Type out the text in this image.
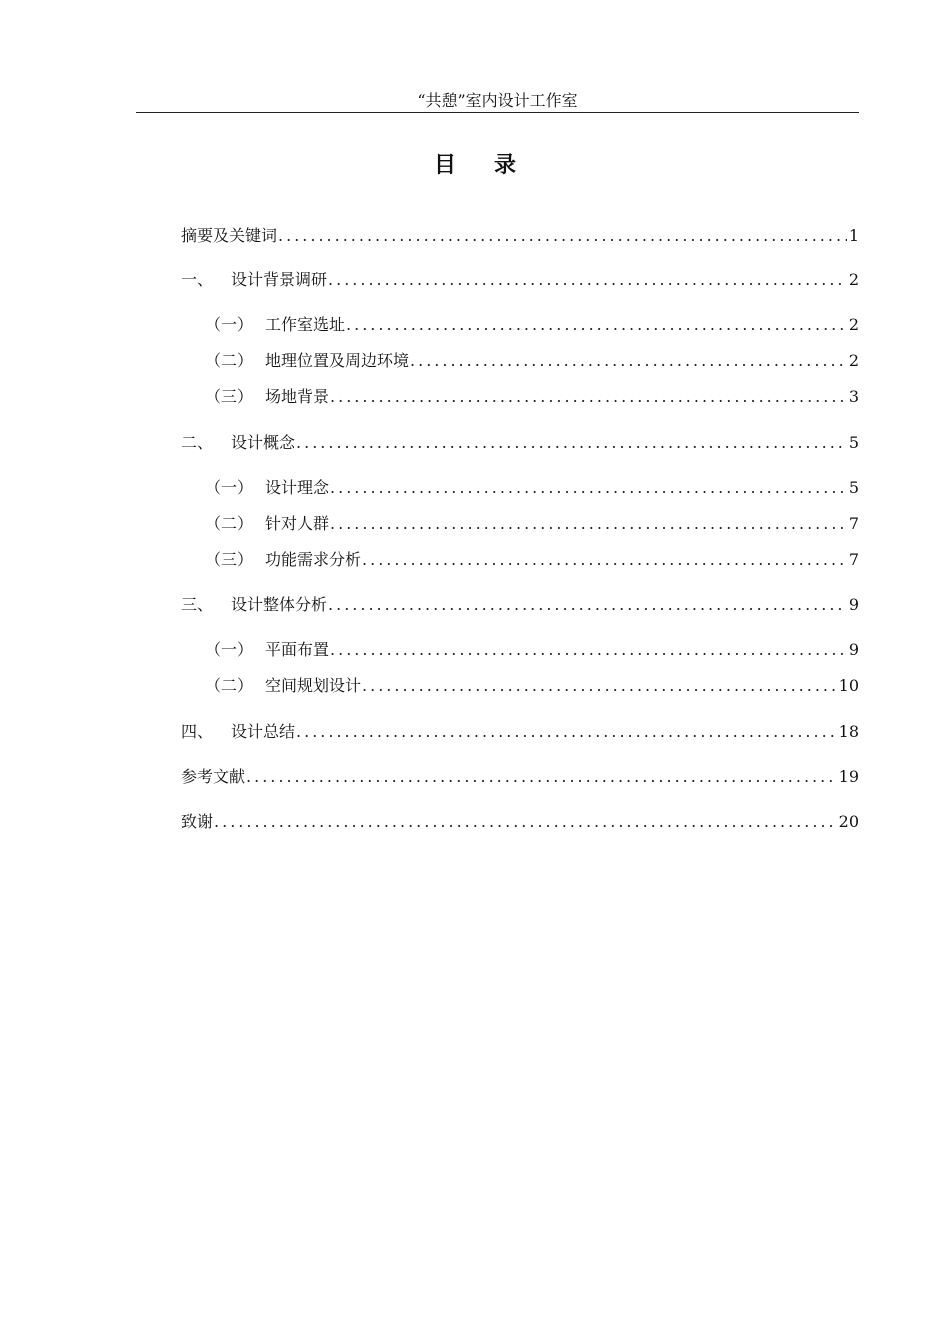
“共憩”室内设计工作室
目录
摘要及关键词 .....	1
一、	设计背景调研 .....	2
（一） 工作室选址 .....	2
（二） 地理位置及周边环境 .....	2
（三） 场地背景 .....	3
二、	设计概念 .....	5
（一） 设计理念 .....	5
（二） 针对人群 .....	7
（三） 功能需求分析 .....	7
三、	设计整体分析 .....	9
（一） 平面布置 .....	9
（二） 空间规划设计 .....	10
四、	设计总结 .....	18
参考文献 .....	19
致谢 .....	20
